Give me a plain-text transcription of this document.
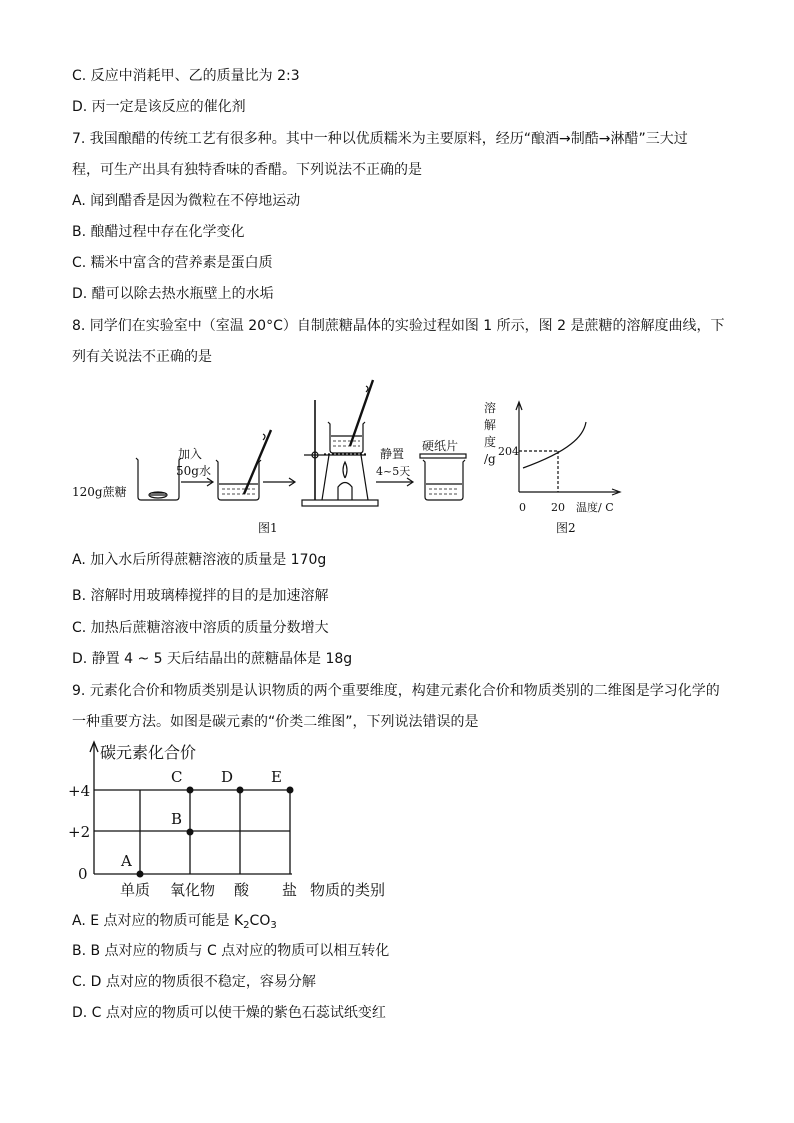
C. 反应中消耗甲、乙的质量比为 2:3
D. 丙一定是该反应的催化剂
7. 我国酿醋的传统工艺有很多种。其中一种以优质糯米为主要原料，经历“酿酒→制酷→淋醋”三大过
程，可生产出具有独特香味的香醋。下列说法不正确的是
A. 闻到醋香是因为微粒在不停地运动
B. 酿醋过程中存在化学变化
C. 糯米中富含的营养素是蛋白质
D. 醋可以除去热水瓶壁上的水垢
8. 同学们在实验室中（室温 20°C）自制蔗糖晶体的实验过程如图 1 所示，图 2 是蔗糖的溶解度曲线，下
列有关说法不正确的是
120g蔗糖
加入
50g水
静置
4~5天
硬纸片
图1
溶
解
度
/g
204
0 20 温度/ C
图2
A. 加入水后所得蔗糖溶液的质量是 170g
B. 溶解时用玻璃棒搅拌的目的是加速溶解
C. 加热后蔗糖溶液中溶质的质量分数增大
D. 静置 4 ~ 5 天后结晶出的蔗糖晶体是 18g
9. 元素化合价和物质类别是认识物质的两个重要维度，构建元素化合价和物质类别的二维图是学习化学的
一种重要方法。如图是碳元素的“价类二维图”，下列说法错误的是
碳元素化合价
+4
+2
0
单质 氧化物 酸 盐 物质的类别
A
B
C	D	E
A. E 点对应的物质可能是 $K_2CO_3$
B. B 点对应的物质与 C 点对应的物质可以相互转化
C. D 点对应的物质很不稳定，容易分解
D. C 点对应的物质可以使干燥的紫色石蕊试纸变红
